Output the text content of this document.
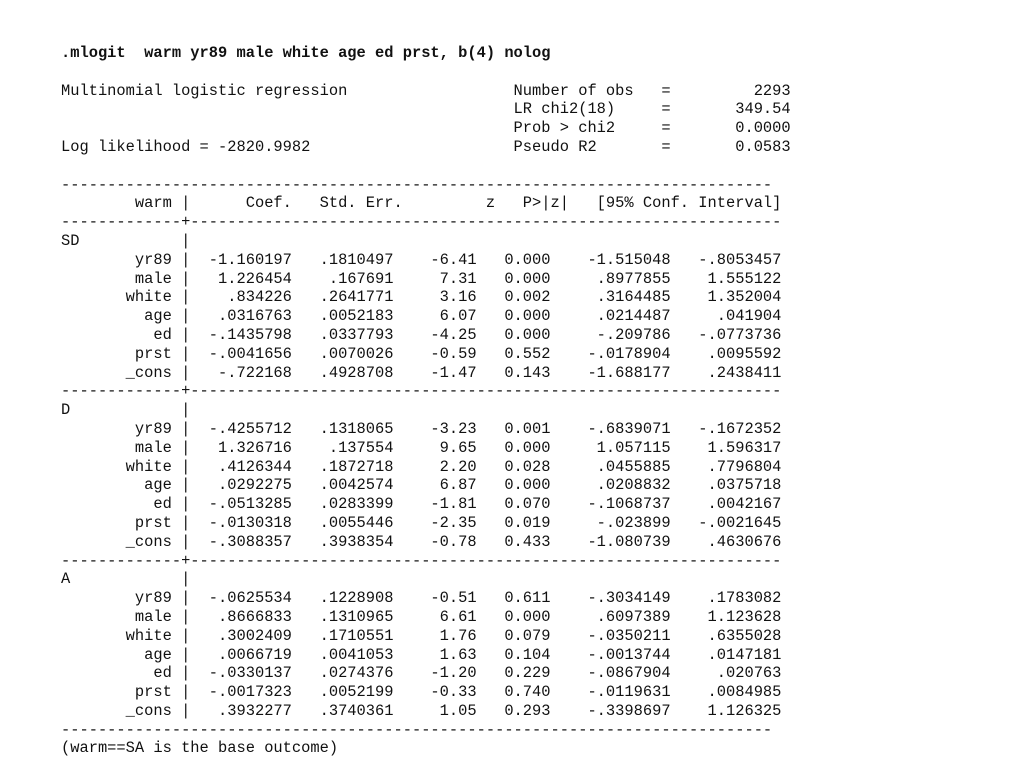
.mlogit  warm yr89 male white age ed prst, b(4) nolog
Multinomial logistic regression                  Number of obs   =         2293
LR chi2(18)     =       349.54
Prob > chi2     =       0.0000
Log likelihood = -2820.9982                      Pseudo R2       =       0.0583
-----------------------------------------------------------------------------
warm |      Coef.   Std. Err.         z   P>|z|   [95% Conf. Interval]
-------------+----------------------------------------------------------------
SD           |
yr89 |  -1.160197   .1810497    -6.41   0.000    -1.515048   -.8053457
male |   1.226454    .167691     7.31   0.000     .8977855    1.555122
white |    .834226   .2641771     3.16   0.002     .3164485    1.352004
age |   .0316763   .0052183     6.07   0.000     .0214487     .041904
ed |  -.1435798   .0337793    -4.25   0.000     -.209786   -.0773736
prst |  -.0041656   .0070026    -0.59   0.552    -.0178904    .0095592
_cons |   -.722168   .4928708    -1.47   0.143    -1.688177    .2438411
-------------+----------------------------------------------------------------
D            |
yr89 |  -.4255712   .1318065    -3.23   0.001    -.6839071   -.1672352
male |   1.326716    .137554     9.65   0.000     1.057115    1.596317
white |   .4126344   .1872718     2.20   0.028     .0455885    .7796804
age |   .0292275   .0042574     6.87   0.000     .0208832    .0375718
ed |  -.0513285   .0283399    -1.81   0.070    -.1068737    .0042167
prst |  -.0130318   .0055446    -2.35   0.019     -.023899   -.0021645
_cons |  -.3088357   .3938354    -0.78   0.433    -1.080739    .4630676
-------------+----------------------------------------------------------------
A            |
yr89 |  -.0625534   .1228908    -0.51   0.611    -.3034149    .1783082
male |   .8666833   .1310965     6.61   0.000     .6097389    1.123628
white |   .3002409   .1710551     1.76   0.079    -.0350211    .6355028
age |   .0066719   .0041053     1.63   0.104    -.0013744    .0147181
ed |  -.0330137   .0274376    -1.20   0.229    -.0867904     .020763
prst |  -.0017323   .0052199    -0.33   0.740    -.0119631    .0084985
_cons |   .3932277   .3740361     1.05   0.293    -.3398697    1.126325
-----------------------------------------------------------------------------
(warm==SA is the base outcome)
